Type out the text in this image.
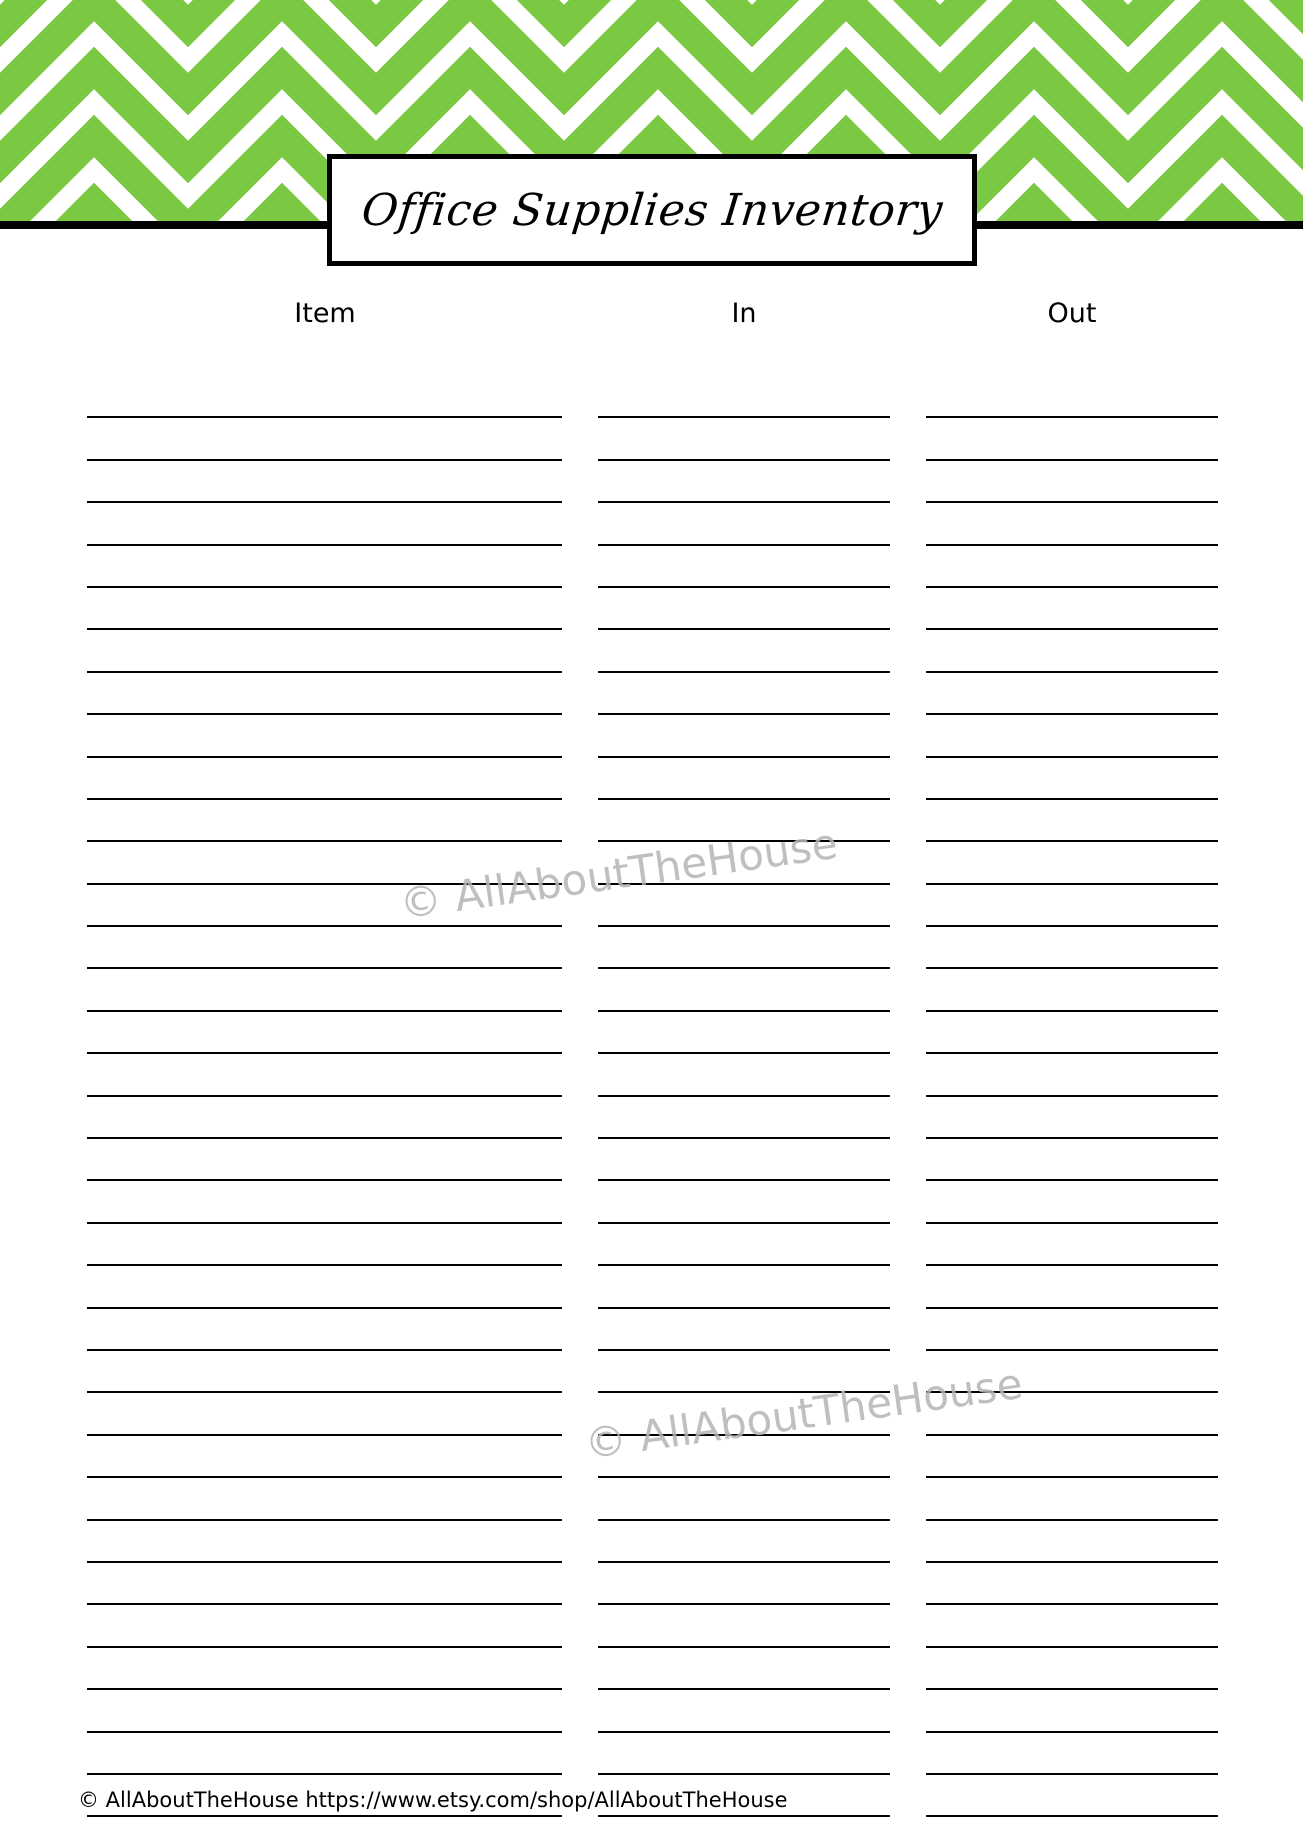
Office Supplies Inventory
Item	In	Out
© AllAboutTheHouse
© AllAboutTheHouse
© AllAboutTheHouse https://www.etsy.com/shop/AllAboutTheHouse
